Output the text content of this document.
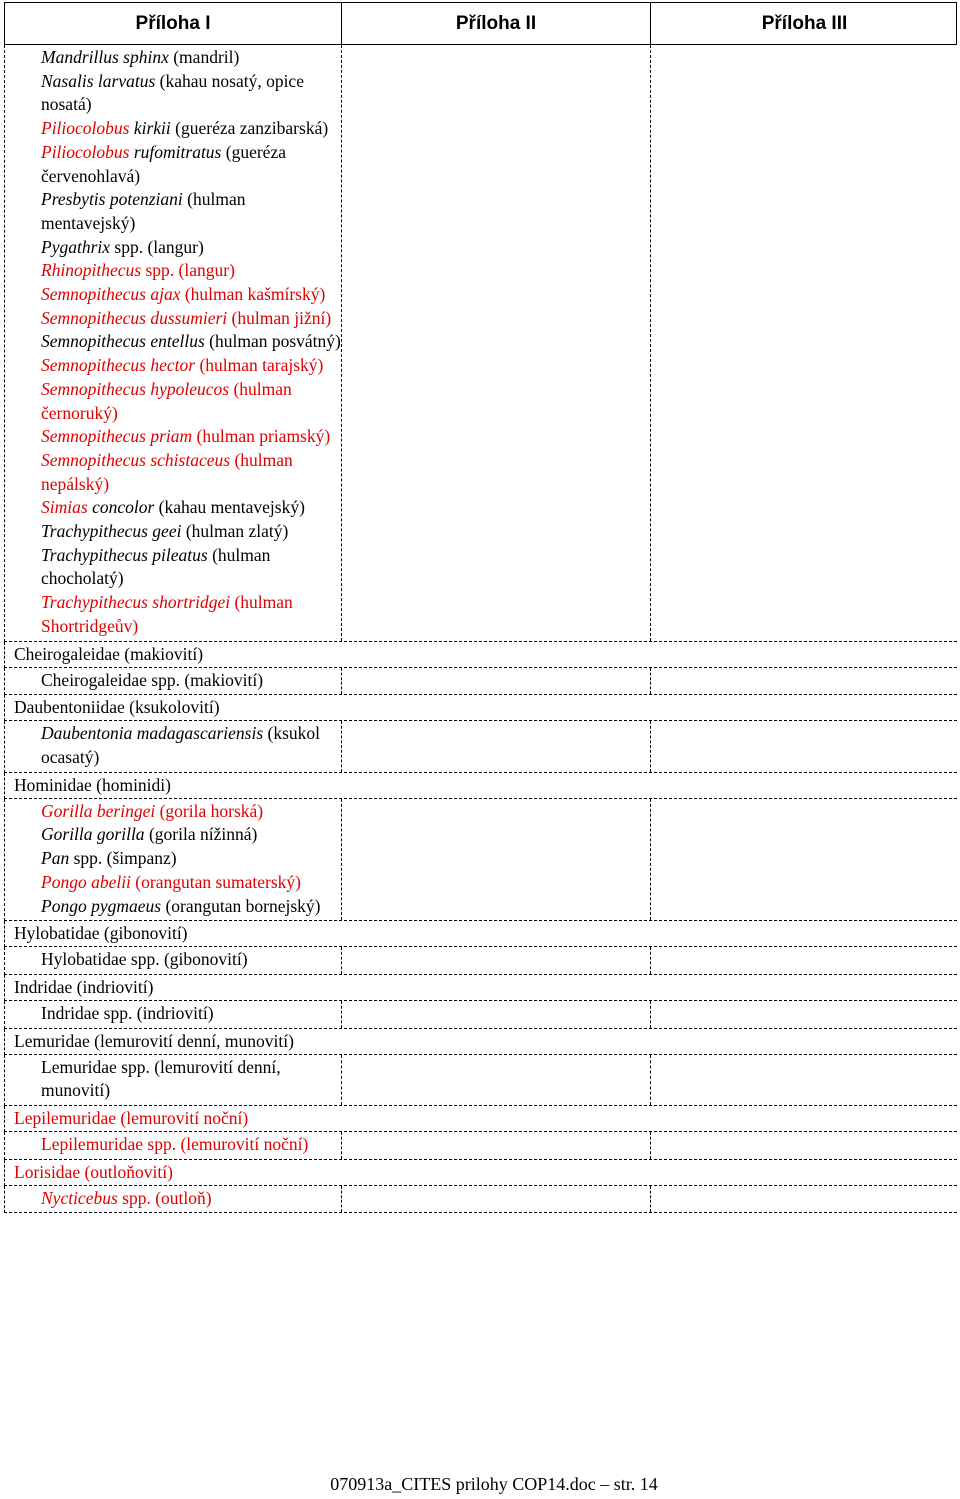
Příloha I	Příloha II	Příloha III
Mandrillus sphinx (mandril)
Nasalis larvatus (kahau nosatý, opice nosatá)
Piliocolobus kirkii (gueréza zanzibarská)
Piliocolobus rufomitratus (gueréza červenohlavá)
Presbytis potenziani (hulman mentavejský)
Pygathrix spp. (langur)
Rhinopithecus spp. (langur)
Semnopithecus ajax (hulman kašmírský)
Semnopithecus dussumieri (hulman jižní)
Semnopithecus entellus (hulman posvátný)
Semnopithecus hector (hulman tarajský)
Semnopithecus hypoleucos (hulman černoruký)
Semnopithecus priam (hulman priamský)
Semnopithecus schistaceus (hulman nepálský)
Simias concolor (kahau mentavejský)
Trachypithecus geei (hulman zlatý)
Trachypithecus pileatus (hulman chocholatý)
Trachypithecus shortridgei (hulman Shortridgeův)
Cheirogaleidae (makiovití)
Cheirogaleidae spp. (makiovití)
Daubentoniidae (ksukolovití)
Daubentonia madagascariensis (ksukol ocasatý)
Hominidae (hominidi)
Gorilla beringei (gorila horská)
Gorilla gorilla (gorila nížinná)
Pan spp. (šimpanz)
Pongo abelii (orangutan sumaterský)
Pongo pygmaeus (orangutan bornejský)
Hylobatidae (gibonovití)
Hylobatidae spp. (gibonovití)
Indridae (indriovití)
Indridae spp. (indriovití)
Lemuridae (lemurovití denní, munovití)
Lemuridae spp. (lemurovití denní, munovití)
Lepilemuridae (lemurovití noční)
Lepilemuridae spp. (lemurovití noční)
Lorisidae (outloňovití)
Nycticebus spp. (outloň)
070913a_CITES prilohy COP14.doc – str. 14
